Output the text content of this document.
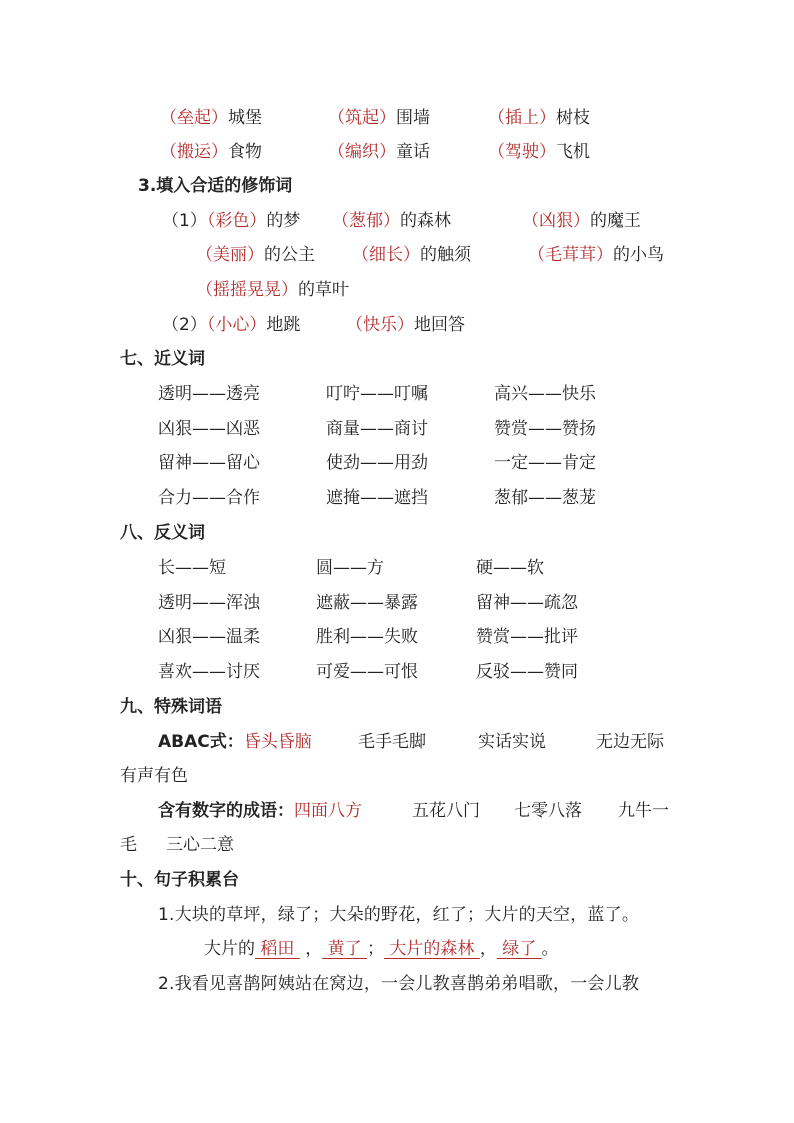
（垒起）城堡	（筑起）围墙	（插上）树枝
（搬运）食物	（编织）童话	（驾驶）飞机
3.填入合适的修饰词
（1）（彩色）的梦 （葱郁）的森林	（凶狠）的魔王
（美丽）的公主 （细长）的触须	（毛茸茸）的小鸟
（摇摇晃晃）的草叶
（2）（小心）地跳	（快乐）地回答
七、近义词
透明——透亮	叮咛——叮嘱	高兴——快乐
凶狠——凶恶	商量——商讨	赞赏——赞扬
留神——留心	使劲——用劲	一定——肯定
合力——合作	遮掩——遮挡	葱郁——葱茏
八、反义词
长——短	圆——方	硬——软
透明——浑浊	遮蔽——暴露	留神——疏忽
凶狠——温柔	胜利——失败	赞赏——批评
喜欢——讨厌	可爱——可恨	反驳——赞同
九、特殊词语
ABAC式：昏头昏脑	毛手毛脚	实话实说	无边无际
有声有色
含有数字的成语：四面八方	五花八门 七零八落 九牛一
毛 三心二意
十、句子积累台
1.大块的草坪，绿了；大朵的野花，红了；大片的天空，蓝了。
大片的 稻田  ， 黄了 ； 大片的森林 ， 绿了 。
2.我看见喜鹊阿姨站在窝边，一会儿教喜鹊弟弟唱歌，一会儿教
